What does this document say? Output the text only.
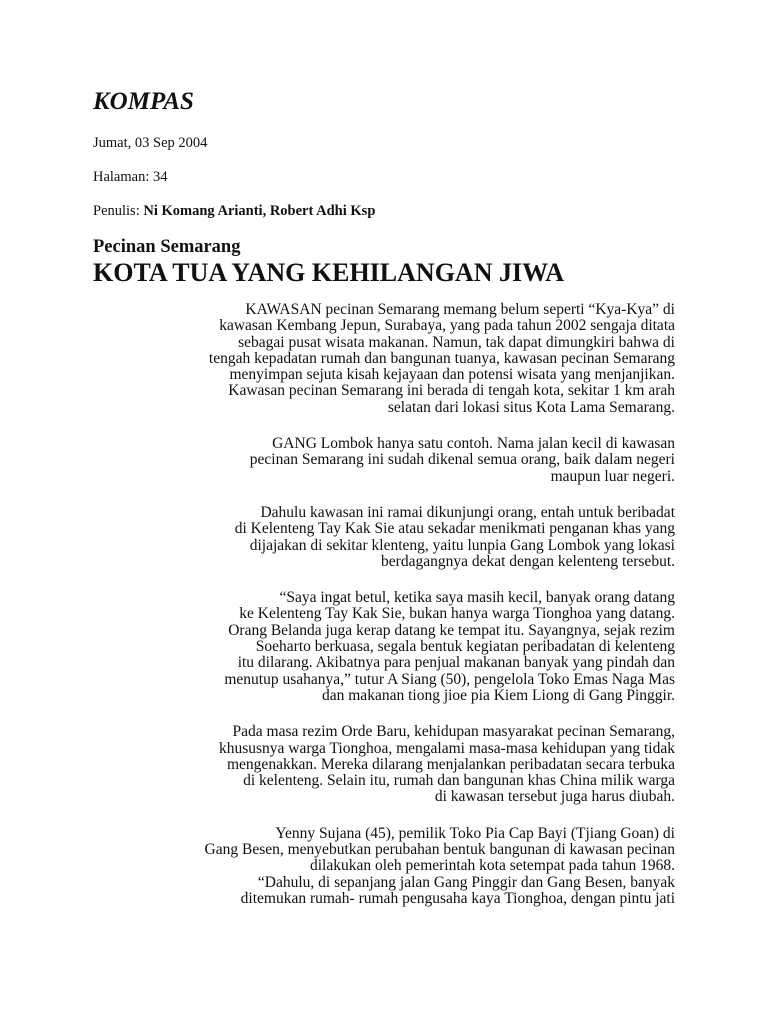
KOMPAS

Jumat, 03 Sep 2004

Halaman: 34

Penulis: Ni Komang Arianti, Robert Adhi Ksp

Pecinan Semarang
KOTA TUA YANG KEHILANGAN JIWA

KAWASAN pecinan Semarang memang belum seperti “Kya-Kya” di
kawasan Kembang Jepun, Surabaya, yang pada tahun 2002 sengaja ditata
sebagai pusat wisata makanan. Namun, tak dapat dimungkiri bahwa di
tengah kepadatan rumah dan bangunan tuanya, kawasan pecinan Semarang
menyimpan sejuta kisah kejayaan dan potensi wisata yang menjanjikan.
Kawasan pecinan Semarang ini berada di tengah kota, sekitar 1 km arah
selatan dari lokasi situs Kota Lama Semarang.

GANG Lombok hanya satu contoh. Nama jalan kecil di kawasan
pecinan Semarang ini sudah dikenal semua orang, baik dalam negeri
maupun luar negeri.

Dahulu kawasan ini ramai dikunjungi orang, entah untuk beribadat
di Kelenteng Tay Kak Sie atau sekadar menikmati penganan khas yang
dijajakan di sekitar klenteng, yaitu lunpia Gang Lombok yang lokasi
berdagangnya dekat dengan kelenteng tersebut.

“Saya ingat betul, ketika saya masih kecil, banyak orang datang
ke Kelenteng Tay Kak Sie, bukan hanya warga Tionghoa yang datang.
Orang Belanda juga kerap datang ke tempat itu. Sayangnya, sejak rezim
Soeharto berkuasa, segala bentuk kegiatan peribadatan di kelenteng
itu dilarang. Akibatnya para penjual makanan banyak yang pindah dan
menutup usahanya,” tutur A Siang (50), pengelola Toko Emas Naga Mas
dan makanan tiong jioe pia Kiem Liong di Gang Pinggir.

Pada masa rezim Orde Baru, kehidupan masyarakat pecinan Semarang,
khususnya warga Tionghoa, mengalami masa-masa kehidupan yang tidak
mengenakkan. Mereka dilarang menjalankan peribadatan secara terbuka
di kelenteng. Selain itu, rumah dan bangunan khas China milik warga
di kawasan tersebut juga harus diubah.

Yenny Sujana (45), pemilik Toko Pia Cap Bayi (Tjiang Goan) di
Gang Besen, menyebutkan perubahan bentuk bangunan di kawasan pecinan
dilakukan oleh pemerintah kota setempat pada tahun 1968.
“Dahulu, di sepanjang jalan Gang Pinggir dan Gang Besen, banyak
ditemukan rumah- rumah pengusaha kaya Tionghoa, dengan pintu jati
